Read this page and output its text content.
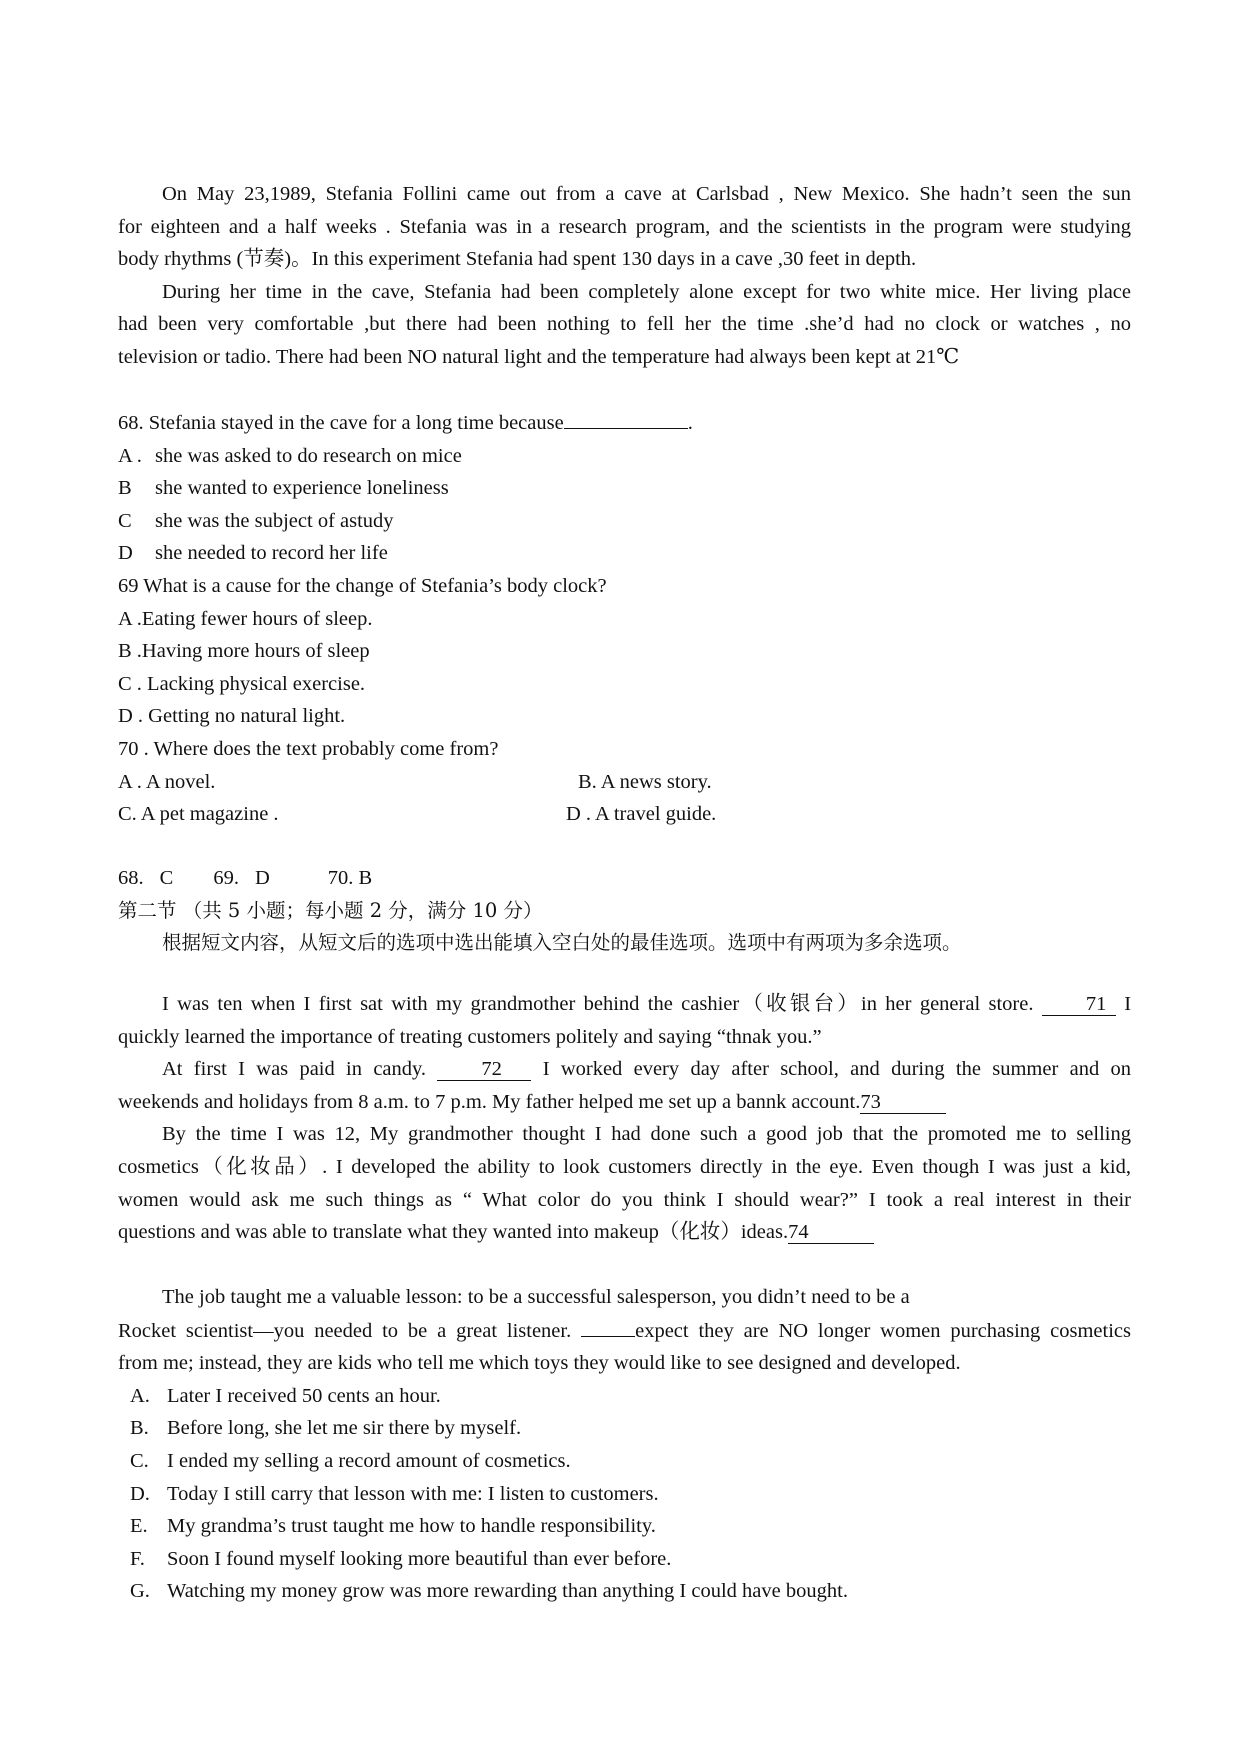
On May 23,1989, Stefania Follini came out from a cave at Carlsbad , New Mexico. She hadn’t seen the sun

for eighteen and a half weeks . Stefania was in a research program, and the scientists in the program were studying

body rhythms (节奏)。In this experiment Stefania had spent 130 days in a cave ,30 feet in depth.

During her time in the cave, Stefania had been completely alone except for two white mice. Her living place

had been very comfortable ,but there had been nothing to fell her the time .she’d had no clock or watches , no

television or tadio. There had been NO natural light and the temperature had always been kept at 21℃

68. Stefania stayed in the cave for a long time because	.

A . she was asked to do research on mice

B she wanted to experience loneliness

C she was the subject of astudy

D she needed to record her life

69 What is a cause for the change of Stefania’s body clock?

A .Eating fewer hours of sleep.

B .Having more hours of sleep

C . Lacking physical exercise.

D . Getting no natural light.

70 . Where does the text probably come from?

A . A novel.	B. A news story.
C. A pet magazine .	D . A travel guide.

68. C 69. D	70. B

第二节 （共 5 小题；每小题 2 分，满分 10 分）

根据短文内容，从短文后的选项中选出能填入空白处的最佳选项。选项中有两项为多余选项。

I was ten when I first sat with my grandmother behind the cashier（收银台）in her general store.	71 I

quickly learned the importance of treating customers politely and saying “thnak you.”

At first I was paid in candy.	72 I worked every day after school, and during the summer and on

weekends and holidays from 8 a.m. to 7 p.m. My father helped me set up a bannk account.73

By the time I was 12, My grandmother thought I had done such a good job that the promoted me to selling

cosmetics（化妆品）. I developed the ability to look customers directly in the eye. Even though I was just a kid,

women would ask me such things as “ What color do you think I should wear?” I took a real interest in their

questions and was able to translate what they wanted into makeup（化妆）ideas.74

The job taught me a valuable lesson: to be a successful salesperson, you didn’t need to be a

Rocket scientist—you needed to be a great listener.	expect they are NO longer women purchasing cosmetics

from me; instead, they are kids who tell me which toys they would like to see designed and developed.

A. Later I received 50 cents an hour.

B. Before long, she let me sir there by myself.

C. I ended my selling a record amount of cosmetics.

D. Today I still carry that lesson with me: I listen to customers.

E. My grandma’s trust taught me how to handle responsibility.

F. Soon I found myself looking more beautiful than ever before.

G. Watching my money grow was more rewarding than anything I could have bought.
